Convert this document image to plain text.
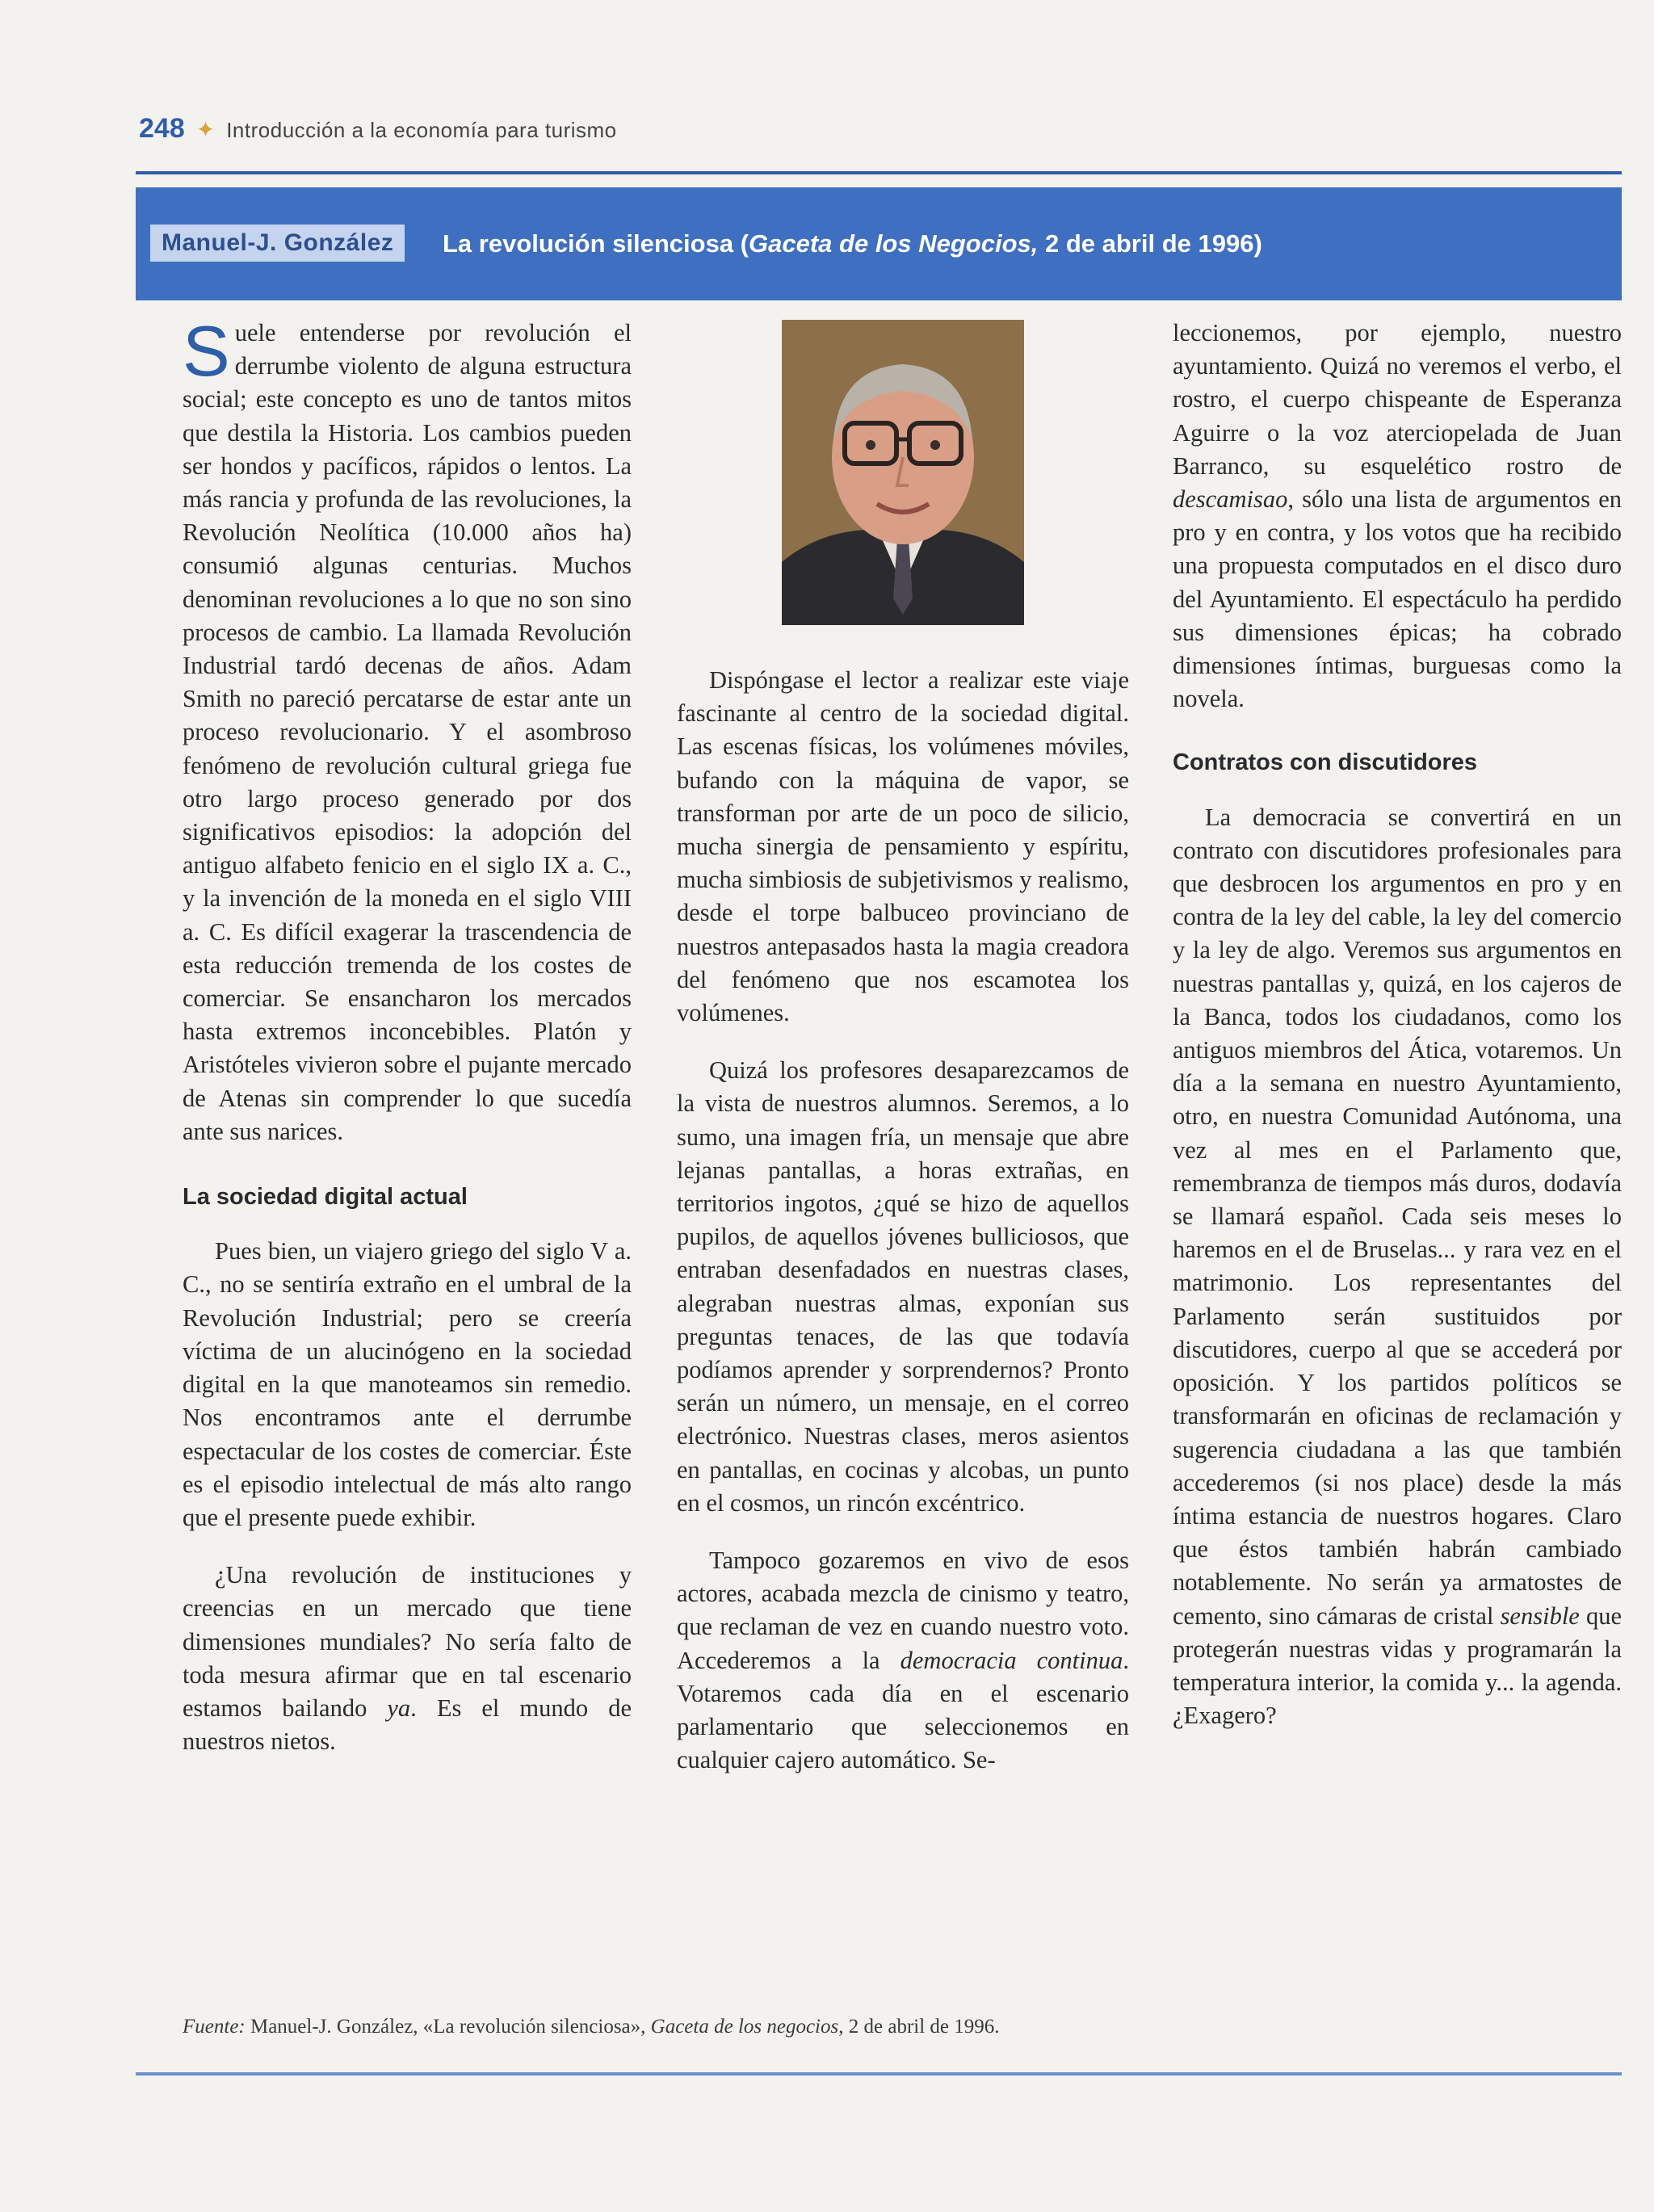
248 ✦ Introducción a la economía para turismo
Manuel-J. González	La revolución silenciosa (Gaceta de los Negocios, 2 de abril de 1996)

Suele entenderse por revolución el derrumbe violento de alguna estructura social; este concepto es uno de tantos mitos que destila la Historia. Los cambios pueden ser hondos y pacíficos, rápidos o lentos. La más rancia y profunda de las revoluciones, la Revolución Neolítica (10.000 años ha) consumió algunas centurias. Muchos denominan revoluciones a lo que no son sino procesos de cambio. La llamada Revolución Industrial tardó decenas de años. Adam Smith no pareció percatarse de estar ante un proceso revolucionario. Y el asombroso fenómeno de revolución cultural griega fue otro largo proceso generado por dos significativos episodios: la adopción del antiguo alfabeto fenicio en el siglo IX a. C., y la invención de la moneda en el siglo VIII a. C. Es difícil exagerar la trascendencia de esta reducción tremenda de los costes de comerciar. Se ensancharon los mercados hasta extremos inconcebibles. Platón y Aristóteles vivieron sobre el pujante mercado de Atenas sin comprender lo que sucedía ante sus narices.

La sociedad digital actual

Pues bien, un viajero griego del siglo V a. C., no se sentiría extraño en el umbral de la Revolución Industrial; pero se creería víctima de un alucinógeno en la sociedad digital en la que manoteamos sin remedio. Nos encontramos ante el derrumbe espectacular de los costes de comerciar. Éste es el episodio intelectual de más alto rango que el presente puede exhibir.

¿Una revolución de instituciones y creencias en un mercado que tiene dimensiones mundiales? No sería falto de toda mesura afirmar que en tal escenario estamos bailando ya. Es el mundo de nuestros nietos.

Dispóngase el lector a realizar este viaje fascinante al centro de la sociedad digital. Las escenas físicas, los volúmenes móviles, bufando con la máquina de vapor, se transforman por arte de un poco de silicio, mucha sinergia de pensamiento y espíritu, mucha simbiosis de subjetivismos y realismo, desde el torpe balbuceo provinciano de nuestros antepasados hasta la magia creadora del fenómeno que nos escamotea los volúmenes.

Quizá los profesores desaparezcamos de la vista de nuestros alumnos. Seremos, a lo sumo, una imagen fría, un mensaje que abre lejanas pantallas, a horas extrañas, en territorios ingotos, ¿qué se hizo de aquellos pupilos, de aquellos jóvenes bulliciosos, que entraban desenfadados en nuestras clases, alegraban nuestras almas, exponían sus preguntas tenaces, de las que todavía podíamos aprender y sorprendernos? Pronto serán un número, un mensaje, en el correo electrónico. Nuestras clases, meros asientos en pantallas, en cocinas y alcobas, un punto en el cosmos, un rincón excéntrico.

Tampoco gozaremos en vivo de esos actores, acabada mezcla de cinismo y teatro, que reclaman de vez en cuando nuestro voto. Accederemos a la democracia continua. Votaremos cada día en el escenario parlamentario que seleccionemos en cualquier cajero automático. Se-

leccionemos, por ejemplo, nuestro ayuntamiento. Quizá no veremos el verbo, el rostro, el cuerpo chispeante de Esperanza Aguirre o la voz aterciopelada de Juan Barranco, su esquelético rostro de descamisao, sólo una lista de argumentos en pro y en contra, y los votos que ha recibido una propuesta computados en el disco duro del Ayuntamiento. El espectáculo ha perdido sus dimensiones épicas; ha cobrado dimensiones íntimas, burguesas como la novela.

Contratos con discutidores

La democracia se convertirá en un contrato con discutidores profesionales para que desbrocen los argumentos en pro y en contra de la ley del cable, la ley del comercio y la ley de algo. Veremos sus argumentos en nuestras pantallas y, quizá, en los cajeros de la Banca, todos los ciudadanos, como los antiguos miembros del Ática, votaremos. Un día a la semana en nuestro Ayuntamiento, otro, en nuestra Comunidad Autónoma, una vez al mes en el Parlamento que, remembranza de tiempos más duros, dodavía se llamará español. Cada seis meses lo haremos en el de Bruselas... y rara vez en el matrimonio. Los representantes del Parlamento serán sustituidos por discutidores, cuerpo al que se accederá por oposición. Y los partidos políticos se transformarán en oficinas de reclamación y sugerencia ciudadana a las que también accederemos (si nos place) desde la más íntima estancia de nuestros hogares. Claro que éstos también habrán cambiado notablemente. No serán ya armatostes de cemento, sino cámaras de cristal sensible que protegerán nuestras vidas y programarán la temperatura interior, la comida y... la agenda. ¿Exagero?

Fuente: Manuel-J. González, «La revolución silenciosa», Gaceta de los negocios, 2 de abril de 1996.
